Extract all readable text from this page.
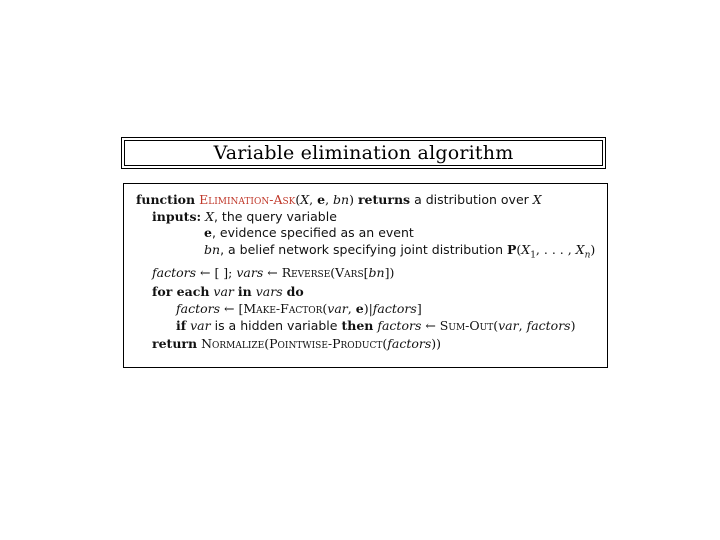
Variable elimination algorithm
function Elimination-Ask(X, e, bn) returns a distribution over X
inputs: X, the query variable
e, evidence specified as an event
bn, a belief network specifying joint distribution $P(X_1$, . . . , $X_n$)
factors ← [ ]; vars ← Reverse(Vars[bn])
for each var in vars do
factors ← [Make-Factor(var, e)|factors]
if var is a hidden variable then factors ← Sum-Out(var, factors)
return Normalize(Pointwise-Product(factors))
